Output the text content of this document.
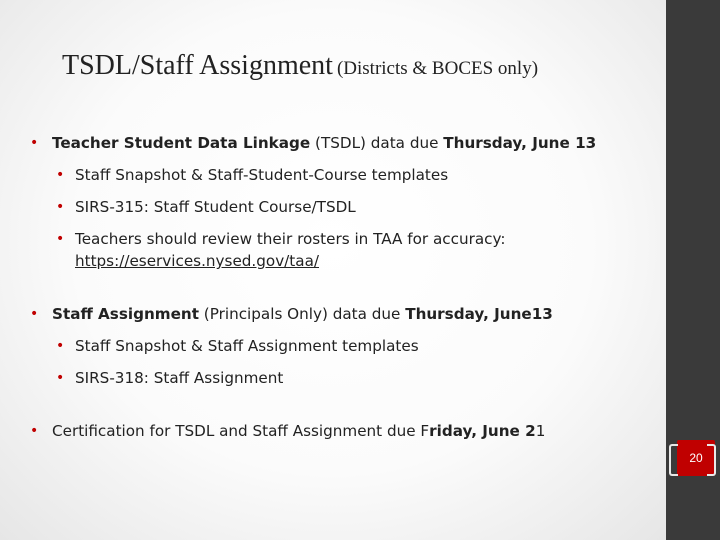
TSDL/Staff Assignment (Districts & BOCES only)
• Teacher Student Data Linkage (TSDL) data due Thursday, June 13
• Staff Snapshot & Staff-Student-Course templates
• SIRS-315: Staff Student Course/TSDL
• Teachers should review their rosters in TAA for accuracy:
https://eservices.nysed.gov/taa/
• Staff Assignment (Principals Only) data due Thursday, June13
• Staff Snapshot & Staff Assignment templates
• SIRS-318: Staff Assignment
• Certification for TSDL and Staff Assignment due Friday, June 21
20
